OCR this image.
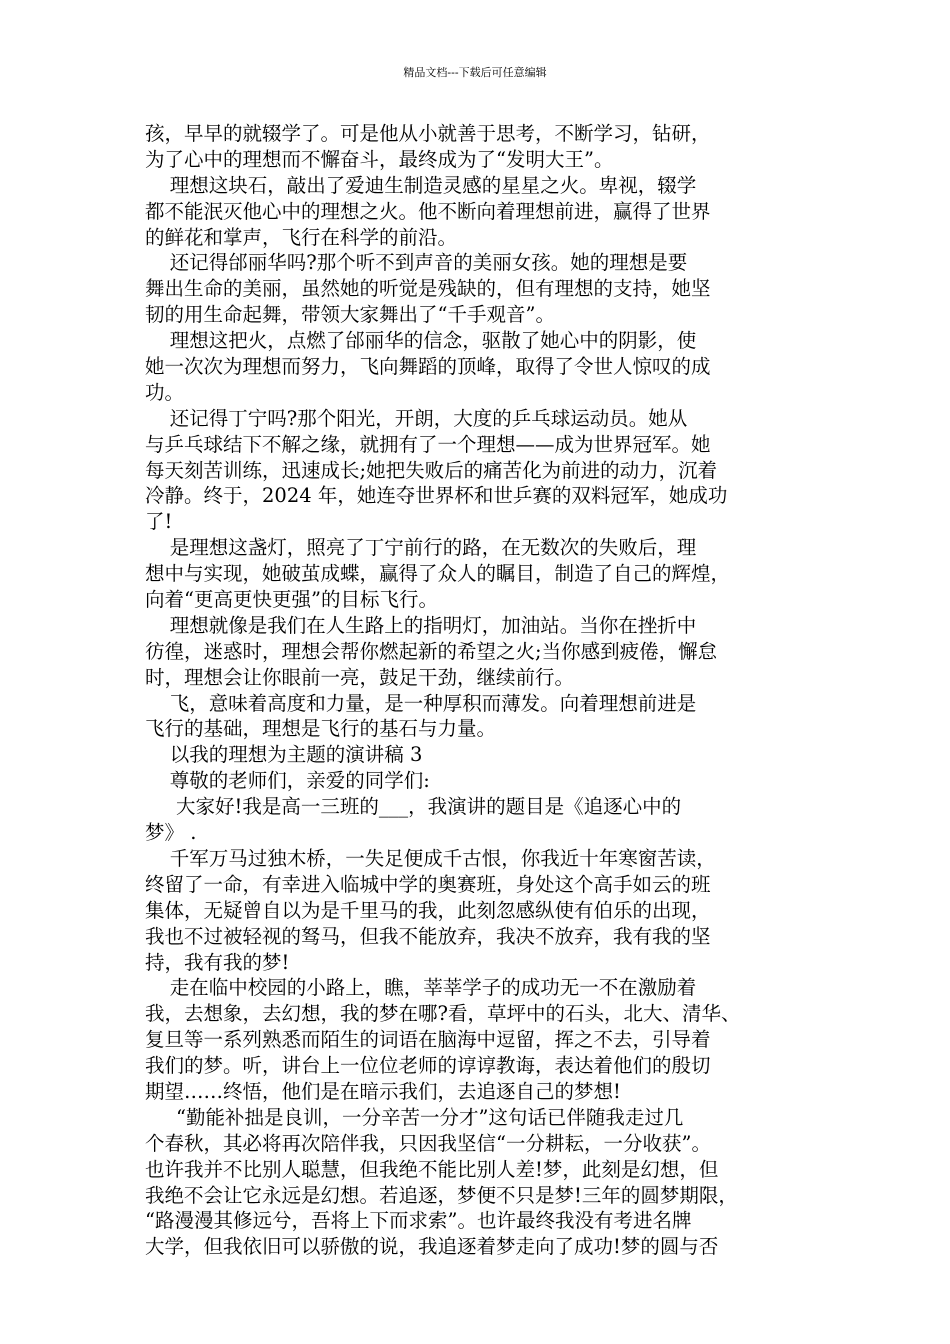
精品文档---下载后可任意编辑
孩，早早的就辍学了。可是他从小就善于思考，不断学习，钻研，
为了心中的理想而不懈奋斗，最终成为了“发明大王”。
理想这块石，敲出了爱迪生制造灵感的星星之火。卑视，辍学
都不能泯灭他心中的理想之火。他不断向着理想前进，赢得了世界
的鲜花和掌声，飞行在科学的前沿。
还记得邰丽华吗?那个听不到声音的美丽女孩。她的理想是要
舞出生命的美丽，虽然她的听觉是残缺的，但有理想的支持，她坚
韧的用生命起舞，带领大家舞出了“千手观音”。
理想这把火，点燃了邰丽华的信念，驱散了她心中的阴影，使
她一次次为理想而努力，飞向舞蹈的顶峰，取得了令世人惊叹的成
功。
还记得丁宁吗?那个阳光，开朗，大度的乒乓球运动员。她从
与乒乓球结下不解之缘，就拥有了一个理想——成为世界冠军。她
每天刻苦训练，迅速成长;她把失败后的痛苦化为前进的动力，沉着
冷静。终于，2024 年，她连夺世界杯和世乒赛的双料冠军，她成功
了!
是理想这盏灯，照亮了丁宁前行的路，在无数次的失败后，理
想中与实现，她破茧成蝶，赢得了众人的瞩目，制造了自己的辉煌，
向着“更高更快更强”的目标飞行。
理想就像是我们在人生路上的指明灯，加油站。当你在挫折中
彷徨，迷惑时，理想会帮你燃起新的希望之火;当你感到疲倦，懈怠
时，理想会让你眼前一亮，鼓足干劲，继续前行。
飞，意味着高度和力量，是一种厚积而薄发。向着理想前进是
飞行的基础，理想是飞行的基石与力量。
以我的理想为主题的演讲稿 3
尊敬的老师们，亲爱的同学们:
大家好!我是高一三班的___，我演讲的题目是《追逐心中的
梦》 .
千军万马过独木桥，一失足便成千古恨，你我近十年寒窗苦读，
终留了一命，有幸进入临城中学的奥赛班，身处这个高手如云的班
集体，无疑曾自以为是千里马的我，此刻忽感纵使有伯乐的出现，
我也不过被轻视的驽马，但我不能放弃，我决不放弃，我有我的坚
持，我有我的梦!
走在临中校园的小路上，瞧，莘莘学子的成功无一不在激励着
我，去想象，去幻想，我的梦在哪?看，草坪中的石头，北大、清华、
复旦等一系列熟悉而陌生的词语在脑海中逗留，挥之不去，引导着
我们的梦。听，讲台上一位位老师的谆谆教诲，表达着他们的殷切
期望……终悟，他们是在暗示我们，去追逐自己的梦想!
“勤能补拙是良训，一分辛苦一分才”这句话已伴随我走过几
个春秋，其必将再次陪伴我，只因我坚信“一分耕耘，一分收获”。
也许我并不比别人聪慧，但我绝不能比别人差!梦，此刻是幻想，但
我绝不会让它永远是幻想。若追逐，梦便不只是梦!三年的圆梦期限，
“路漫漫其修远兮，吾将上下而求索”。也许最终我没有考进名牌
大学，但我依旧可以骄傲的说，我追逐着梦走向了成功!梦的圆与否
